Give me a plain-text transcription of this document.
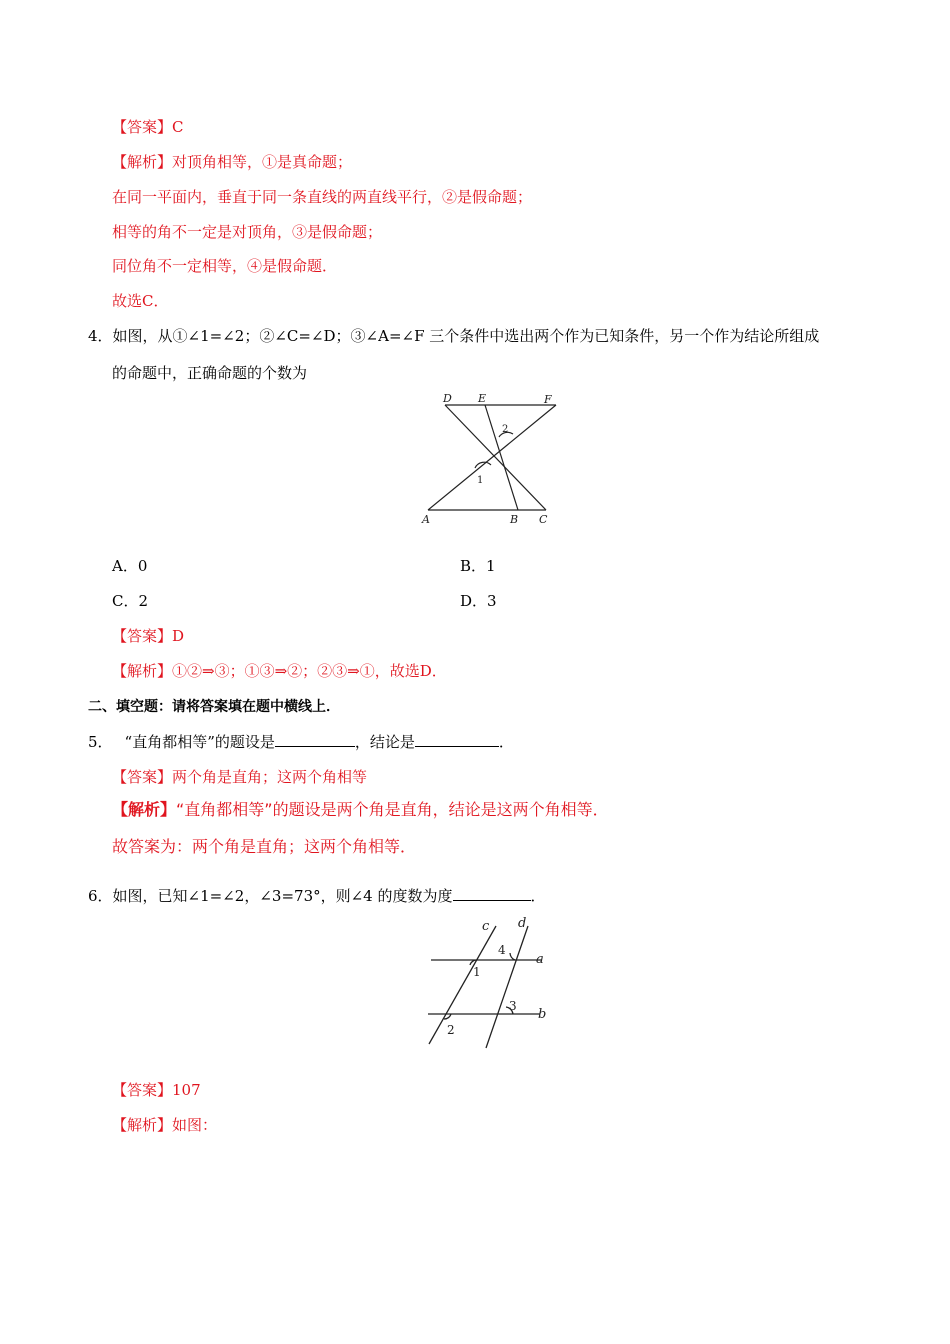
【答案】C
【解析】对顶角相等，①是真命题；
在同一平面内，垂直于同一条直线的两直线平行，②是假命题；
相等的角不一定是对顶角，③是假命题；
同位角不一定相等，④是假命题．
故选C．
4．如图，从①∠1=∠2；②∠C=∠D；③∠A=∠F 三个条件中选出两个作为已知条件，另一个作为结论所组成
的命题中，正确命题的个数为
D E	F
A	B C
1
2
A．0	B．1
C．2	D．3
【答案】D
【解析】①②⇒③；①③⇒②；②③⇒①，故选D．
二、填空题：请将答案填在题中横线上．
5． “直角都相等”的题设是	，结论是	．
【答案】两个角是直角；这两个角相等
【解析】“直角都相等”的题设是两个角是直角，结论是这两个角相等．
故答案为：两个角是直角；这两个角相等．
6．如图，已知∠1=∠2，∠3=73°，则∠4 的度数为度	．
c d
a
b
1
2
3
4
【答案】107
【解析】如图：
